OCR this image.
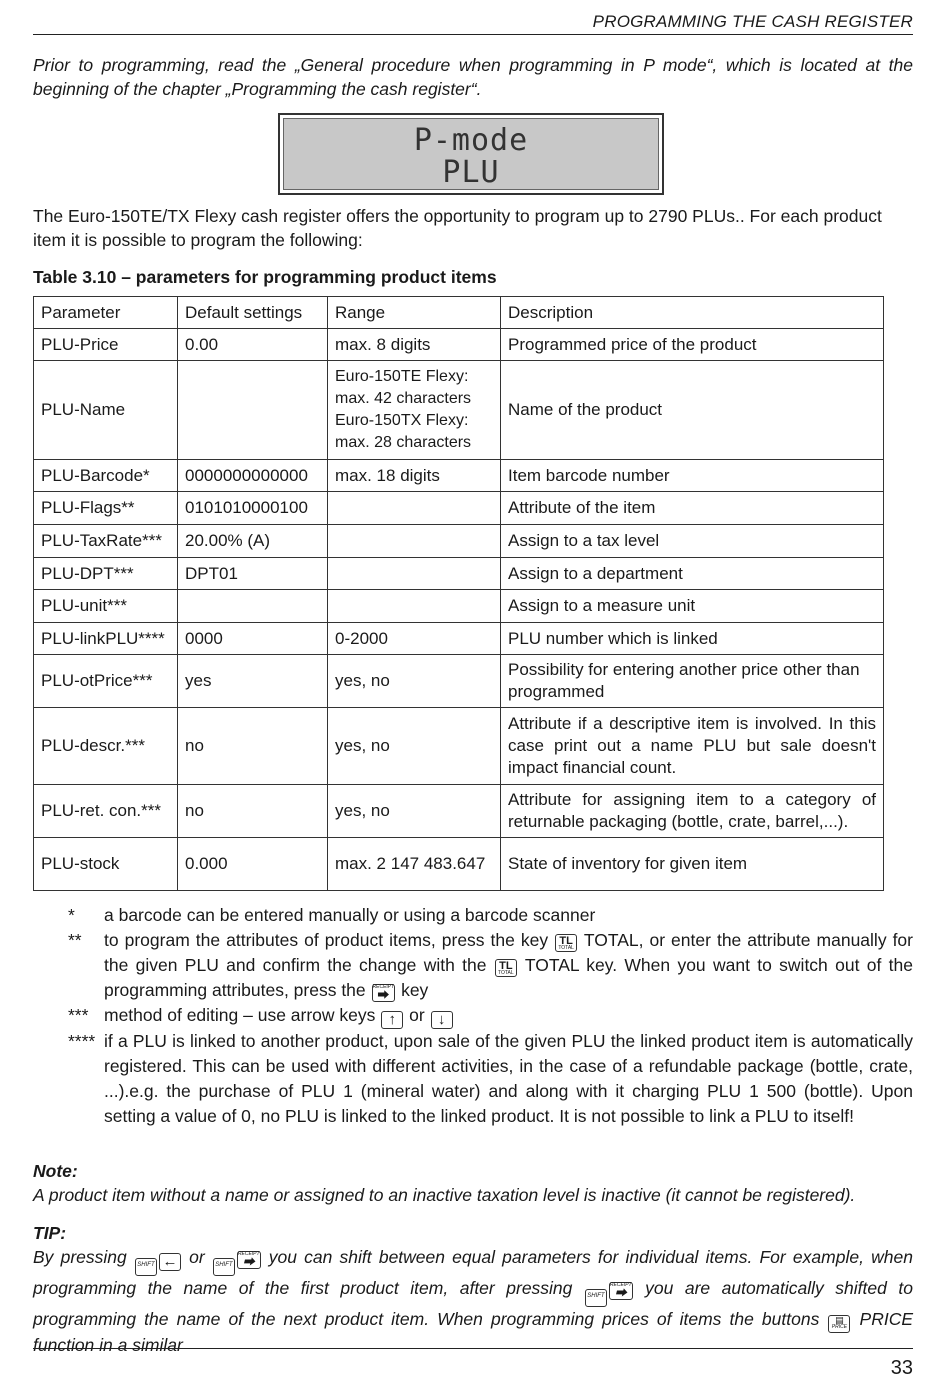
PROGRAMMING THE CASH REGISTER
Prior to programming, read the „General procedure when programming in P mode“, which is located at the beginning of the chapter „Programming the cash register“.
P-mode
PLU
The Euro-150TE/TX Flexy cash register offers the opportunity to program up to 2790 PLUs.. For each product item it is possible to program the following:
Table 3.10 – parameters for programming product items
Parameter	Default settings	Range	Description
PLU-Price	0.00	max. 8 digits	Programmed price of the product
PLU-Name		Euro-150TE Flexy:
max. 42 characters
Euro-150TX Flexy:
max. 28 characters	Name of the product
PLU-Barcode*	0000000000000	max. 18 digits	Item barcode number
PLU-Flags**	0101010000100		Attribute of the item
PLU-TaxRate***	20.00% (A)		Assign to a tax level
PLU-DPT***	DPT01		Assign to a department
PLU-unit***			Assign to a measure unit
PLU-linkPLU****	0000	0-2000	PLU number which is linked
PLU-otPrice***	yes	yes, no	Possibility for entering another price other than programmed
PLU-descr.***	no	yes, no	Attribute if a descriptive item is involved. In this case print out a name PLU but sale doesn't impact financial count.
PLU-ret. con.***	no	yes, no	Attribute for assigning item to a category of returnable packaging (bottle, crate, barrel,...).
PLU-stock	0.000	max. 2 147 483.647	State of inventory for given item
*	a barcode can be entered manually or using a barcode scanner
**	to program the attributes of product items, press the key TL
TOTAL TOTAL, or enter the attribute manually for the given PLU and confirm the change with the TL
TOTAL TOTAL key. When you want to switch out of the programming attributes, press the RECEIPT
⮕ key
*** method of editing – use arrow keys ↑ or ↓
**** if a PLU is linked to another product, upon sale of the given PLU the linked product item is automatically registered. This can be used with different activities, in the case of a refundable package (bottle, crate, ...).e.g. the purchase of PLU 1 (mineral water) and along with it charging PLU 1 500 (bottle). Upon setting a value of 0, no PLU is linked to the linked product. It is not possible to link a PLU to itself!
Note:
A product item without a name or assigned to an inactive taxation level is inactive (it cannot be registered).
TIP:
By pressing SHIFT ← or SHIFT
RECEIPT
⮕ you can shift between equal parameters for individual items. For example, when programming the name of the first product item, after pressing SHIFT
RECEIPT
⮕ you are automatically shifted to programming the name of the next product item. When programming prices of items the buttons	▤
PRICE PRICE function in a similar
33
